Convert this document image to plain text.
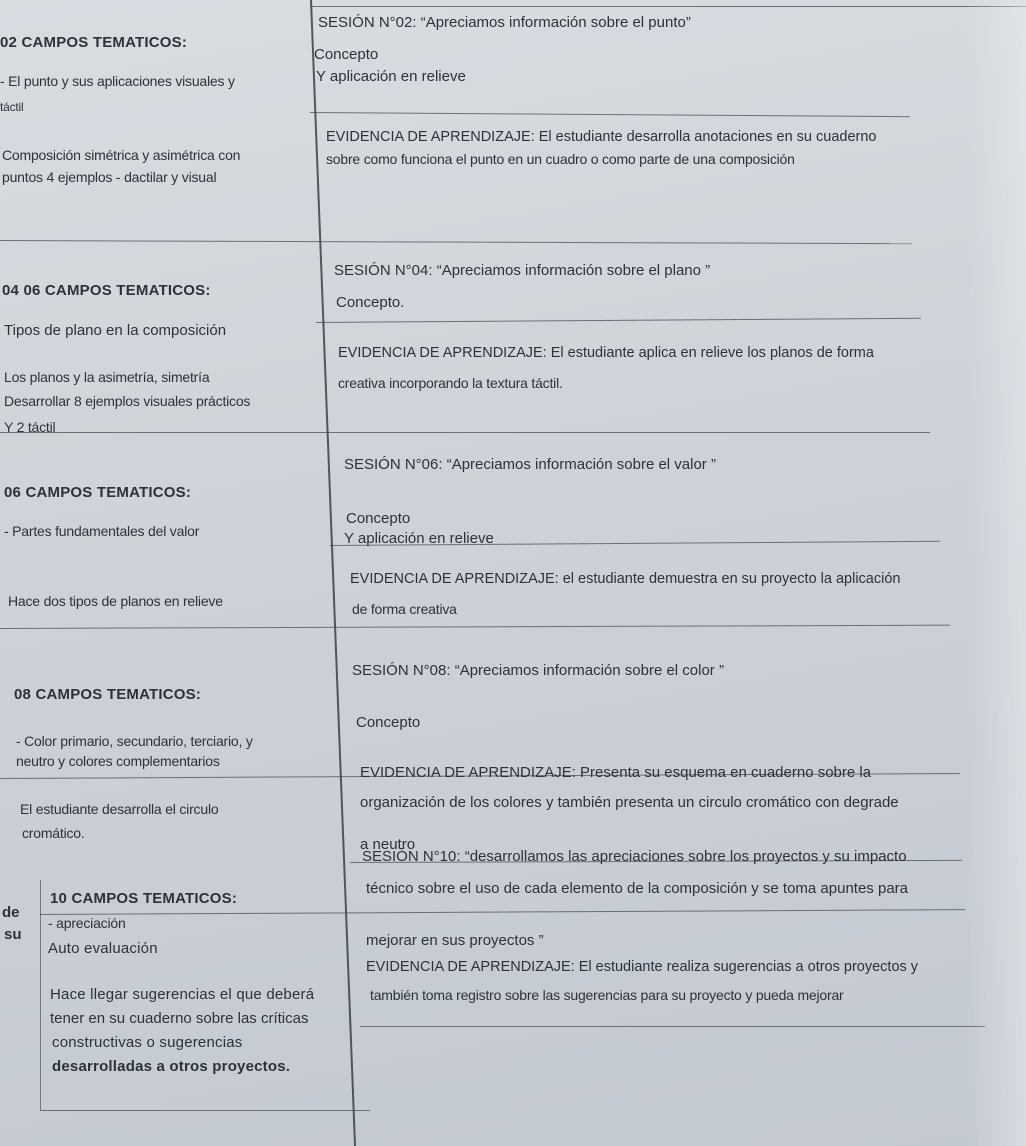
02 CAMPOS TEMATICOS:
- El punto y sus aplicaciones visuales y
táctil
Composición simétrica y asimétrica con
puntos 4 ejemplos - dactilar y visual
04 06 CAMPOS TEMATICOS:
Tipos de plano en la composición
Los planos y la asimetría, simetría
Desarrollar 8 ejemplos visuales prácticos
Y 2 táctil
06 CAMPOS TEMATICOS:
- Partes fundamentales del valor
Hace dos tipos de planos en relieve
08 CAMPOS TEMATICOS:
- Color primario, secundario, terciario, y
neutro y colores complementarios
El estudiante desarrolla el circulo
cromático.
de
su
10 CAMPOS TEMATICOS:
- apreciación
Auto evaluación
Hace llegar sugerencias el que deberá
tener en su cuaderno sobre las críticas
constructivas o sugerencias
desarrolladas a otros proyectos.
SESIÓN N°02: “Apreciamos información sobre el punto”
Concepto
Y aplicación en relieve
EVIDENCIA DE APRENDIZAJE: El estudiante desarrolla anotaciones en su cuaderno
sobre como funciona el punto en un cuadro o como parte de una composición
SESIÓN N°04: “Apreciamos información sobre el plano ”
Concepto.
EVIDENCIA DE APRENDIZAJE: El estudiante aplica en relieve los planos de forma
creativa incorporando la textura táctil.
SESIÓN N°06: “Apreciamos información sobre el valor ”
Concepto
Y aplicación en relieve
EVIDENCIA DE APRENDIZAJE: el estudiante demuestra en su proyecto la aplicación
de forma creativa
SESIÓN N°08: “Apreciamos información sobre el color ”
Concepto
EVIDENCIA DE APRENDIZAJE: Presenta su esquema en cuaderno sobre la
organización de los colores y también presenta un circulo cromático con degrade
a neutro
SESIÓN N°10: “desarrollamos las apreciaciones sobre los proyectos y su impacto
técnico sobre el uso de cada elemento de la composición y se toma apuntes para
mejorar en sus proyectos ”
EVIDENCIA DE APRENDIZAJE: El estudiante realiza sugerencias a otros proyectos y
también toma registro sobre las sugerencias para su proyecto y pueda mejorar
